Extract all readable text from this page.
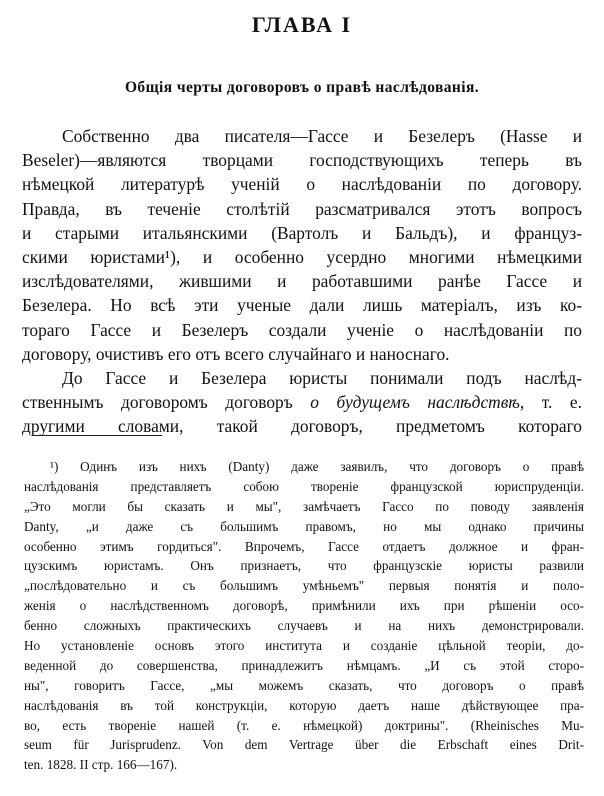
ГЛАВА I
Общія черты договоровъ о правѣ наслѣдованія.
Собственно два писателя—Гассе и Безелеръ (Hasse и
Beseler)—являются творцами господствующихъ теперь въ
нѣмецкой литературѣ ученій о наслѣдованіи по договору.
Правда, въ теченіе столѣтій разсматривался этотъ вопросъ
и старыми итальянскими (Вартолъ и Бальдъ), и француз-
скими юристами¹), и особенно усердно многими нѣмецкими
изслѣдователями, жившими и работавшими ранѣе Гассе и
Безелера. Но всѣ эти ученые дали лишь матеріалъ, изъ ко-
тораго Гассе и Безелеръ создали ученіе о наслѣдованіи по
договору, очистивъ его отъ всего случайнаго и наноснаго.
До Гассе и Безелера юристы понимали подъ наслѣд-
ственнымъ договоромъ договоръ о будущемъ наслѣдствѣ, т. е.
другими словами, такой договоръ, предметомъ котораго
¹) Одинъ изъ нихъ (Danty) даже заявилъ, что договоръ о правѣ
наслѣдованія представляетъ собою твореніе французской юриспруденціи.
„Это могли бы сказать и мы", замѣчаетъ Гассо по поводу заявленія
Danty, „и даже съ большимъ правомъ, но мы однако причины
особенно этимъ гордиться". Впрочемъ, Гассе отдаетъ должное и фран-
цузскимъ юристамъ. Онъ признаетъ, что французскіе юристы развили
„послѣдовательно и съ большимъ умѣньемъ" первыя понятія и поло-
женія о наслѣдственномъ договорѣ, примѣнили ихъ при рѣшеніи осо-
бенно сложныхъ практическихъ случаевъ и на нихъ демонстрировали.
Но установленіе основъ этого института и созданіе цѣльной теоріи, до-
веденной до совершенства, принадлежитъ нѣмцамъ. „И съ этой сторо-
ны", говоритъ Гассе, „мы можемъ сказать, что договоръ о правѣ
наслѣдованія въ той конструкціи, которую даетъ наше дѣйствующее пра-
во, есть твореніе нашей (т. е. нѣмецкой) доктрины". (Rheinisches Mu-
seum für Jurisprudenz. Von dem Vertrage über die Erbschaft eines Drit-
ten. 1828. II стр. 166—167).
